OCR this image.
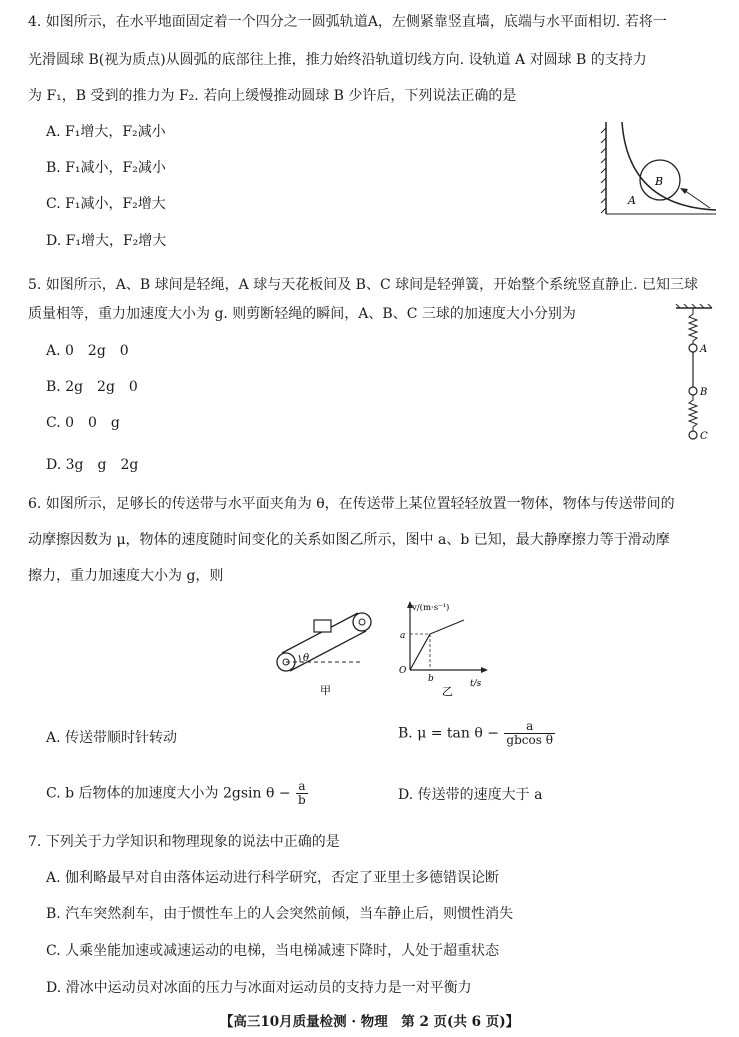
4. 如图所示，在水平地面固定着一个四分之一圆弧轨道A，左侧紧靠竖直墙，底端与水平面相切. 若将一
光滑圆球 B(视为质点)从圆弧的底部往上推，推力始终沿轨道切线方向. 设轨道 A 对圆球 B 的支持力
为 F₁，B 受到的推力为 F₂. 若向上缓慢推动圆球 B 少许后，下列说法正确的是
A. F₁增大，F₂减小
B. F₁减小，F₂减小
C. F₁减小，F₂增大
D. F₁增大，F₂增大
B
A
5. 如图所示，A、B 球间是轻绳，A 球与天花板间及 B、C 球间是轻弹簧，开始整个系统竖直静止. 已知三球
质量相等，重力加速度大小为 g. 则剪断轻绳的瞬间，A、B、C 三球的加速度大小分别为
A. 0　2g　0
B. 2g　2g　0
C. 0　0　g
D. 3g　g　2g
A
B
C
6. 如图所示，足够长的传送带与水平面夹角为 θ，在传送带上某位置轻轻放置一物体，物体与传送带间的
动摩擦因数为 μ，物体的速度随时间变化的关系如图乙所示，图中 a、b 已知，最大静摩擦力等于滑动摩
擦力，重力加速度大小为 g，则
θ
甲
v/(m·s⁻¹)
t/s
O
a
b
乙
A. 传送带顺时针转动	B. $\mu = \tan \theta - \frac{a}{\text{gbcos θ}}$
C. b 后物体的加速度大小为 2gsin $\theta - \frac{a}{b}$	D. 传送带的速度大于 a
7. 下列关于力学知识和物理现象的说法中正确的是
A. 伽利略最早对自由落体运动进行科学研究，否定了亚里士多德错误论断
B. 汽车突然刹车，由于惯性车上的人会突然前倾，当车静止后，则惯性消失
C. 人乘坐能加速或减速运动的电梯，当电梯减速下降时，人处于超重状态
D. 滑冰中运动员对冰面的压力与冰面对运动员的支持力是一对平衡力
【高三10月质量检测 · 物理　第 2 页(共 6 页)】
